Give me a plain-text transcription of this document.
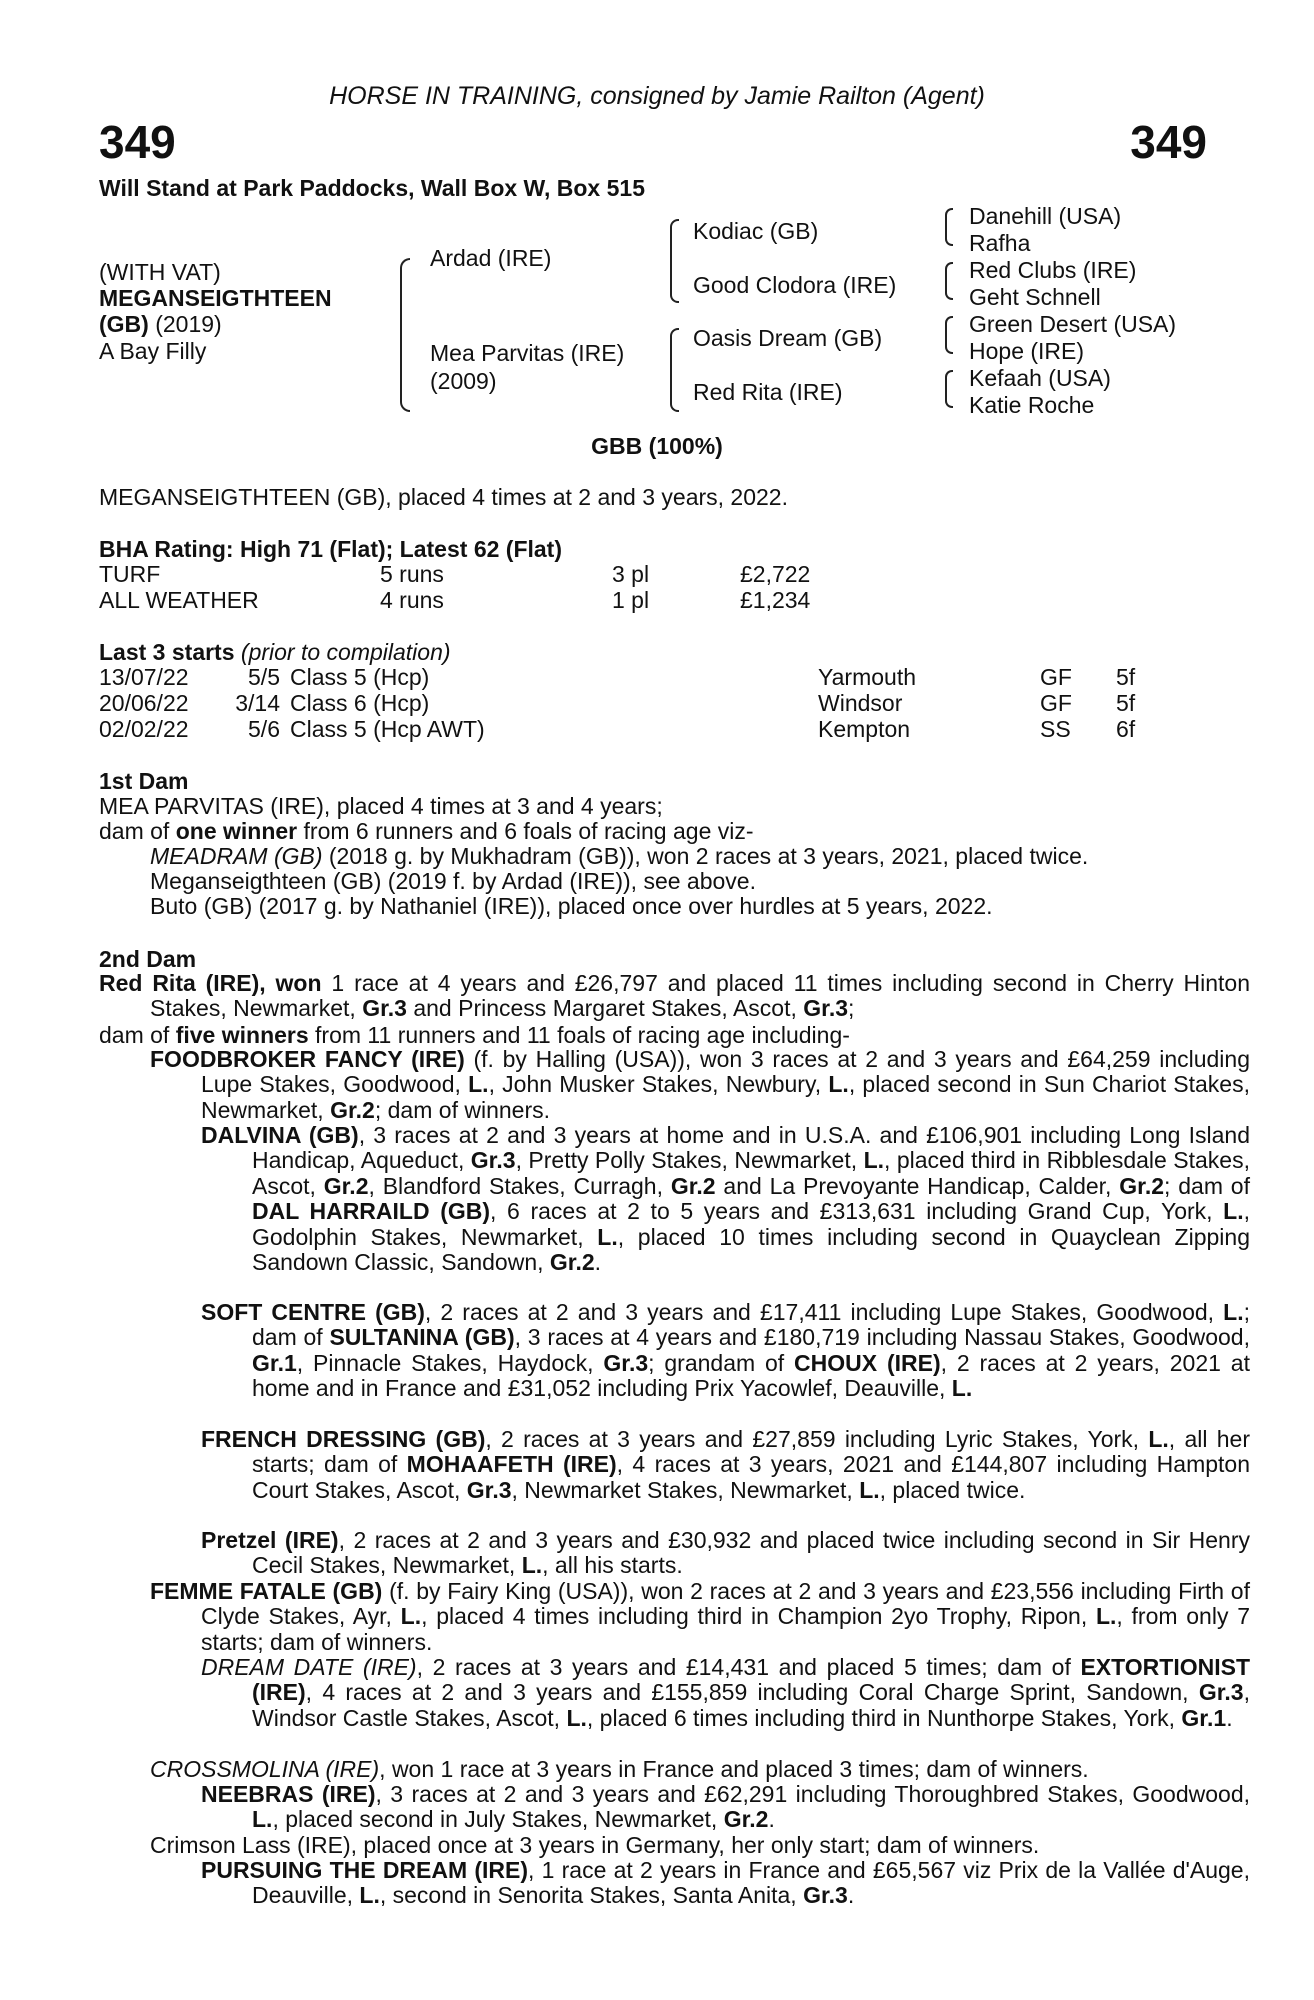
HORSE IN TRAINING, consigned by Jamie Railton (Agent)
349	349
Will Stand at Park Paddocks, Wall Box W, Box 515
(WITH VAT)
MEGANSEIGTHTEEN
(GB) (2019)
A Bay Filly
Ardad (IRE)
Mea Parvitas (IRE)
(2009)
Kodiac (GB)
Good Clodora (IRE)
Oasis Dream (GB)
Red Rita (IRE)
Danehill (USA)
Rafha
Red Clubs (IRE)
Geht Schnell
Green Desert (USA)
Hope (IRE)
Kefaah (USA)
Katie Roche
GBB (100%)
MEGANSEIGTHTEEN (GB), placed 4 times at 2 and 3 years, 2022.
BHA Rating: High 71 (Flat); Latest 62 (Flat)
TURF	5 runs	3 pl	£2,722
ALL WEATHER	4 runs	1 pl	£1,234
Last 3 starts (prior to compilation)
13/07/22	5/5 Class 5 (Hcp)	Yarmouth	GF 5f
20/06/22	3/14 Class 6 (Hcp)	Windsor	GF 5f
02/02/22	5/6 Class 5 (Hcp AWT)	Kempton	SS 6f
1st Dam
MEA PARVITAS (IRE), placed 4 times at 3 and 4 years;
dam of one winner from 6 runners and 6 foals of racing age viz-
MEADRAM (GB) (2018 g. by Mukhadram (GB)), won 2 races at 3 years, 2021, placed twice.
Meganseigthteen (GB) (2019 f. by Ardad (IRE)), see above.
Buto (GB) (2017 g. by Nathaniel (IRE)), placed once over hurdles at 5 years, 2022.
2nd Dam
Red Rita (IRE), won 1 race at 4 years and £26,797 and placed 11 times including second in Cherry Hinton Stakes, Newmarket, Gr.3 and Princess Margaret Stakes, Ascot, Gr.3;
dam of five winners from 11 runners and 11 foals of racing age including-
FOODBROKER FANCY (IRE) (f. by Halling (USA)), won 3 races at 2 and 3 years and £64,259 including Lupe Stakes, Goodwood, L., John Musker Stakes, Newbury, L., placed second in Sun Chariot Stakes, Newmarket, Gr.2; dam of winners.
DALVINA (GB), 3 races at 2 and 3 years at home and in U.S.A. and £106,901 including Long Island Handicap, Aqueduct, Gr.3, Pretty Polly Stakes, Newmarket, L., placed third in Ribblesdale Stakes, Ascot, Gr.2, Blandford Stakes, Curragh, Gr.2 and La Prevoyante Handicap, Calder, Gr.2; dam of DAL HARRAILD (GB), 6 races at 2 to 5 years and £313,631 including Grand Cup, York, L., Godolphin Stakes, Newmarket, L., placed 10 times including second in Quayclean Zipping Sandown Classic, Sandown, Gr.2.
SOFT CENTRE (GB), 2 races at 2 and 3 years and £17,411 including Lupe Stakes, Goodwood, L.; dam of SULTANINA (GB), 3 races at 4 years and £180,719 including Nassau Stakes, Goodwood, Gr.1, Pinnacle Stakes, Haydock, Gr.3; grandam of CHOUX (IRE), 2 races at 2 years, 2021 at home and in France and £31,052 including Prix Yacowlef, Deauville, L.
FRENCH DRESSING (GB), 2 races at 3 years and £27,859 including Lyric Stakes, York, L., all her starts; dam of MOHAAFETH (IRE), 4 races at 3 years, 2021 and £144,807 including Hampton Court Stakes, Ascot, Gr.3, Newmarket Stakes, Newmarket, L., placed twice.
Pretzel (IRE), 2 races at 2 and 3 years and £30,932 and placed twice including second in Sir Henry Cecil Stakes, Newmarket, L., all his starts.
FEMME FATALE (GB) (f. by Fairy King (USA)), won 2 races at 2 and 3 years and £23,556 including Firth of Clyde Stakes, Ayr, L., placed 4 times including third in Champion 2yo Trophy, Ripon, L., from only 7 starts; dam of winners.
DREAM DATE (IRE), 2 races at 3 years and £14,431 and placed 5 times; dam of EXTORTIONIST (IRE), 4 races at 2 and 3 years and £155,859 including Coral Charge Sprint, Sandown, Gr.3, Windsor Castle Stakes, Ascot, L., placed 6 times including third in Nunthorpe Stakes, York, Gr.1.
CROSSMOLINA (IRE), won 1 race at 3 years in France and placed 3 times; dam of winners.
NEEBRAS (IRE), 3 races at 2 and 3 years and £62,291 including Thoroughbred Stakes, Goodwood, L., placed second in July Stakes, Newmarket, Gr.2.
Crimson Lass (IRE), placed once at 3 years in Germany, her only start; dam of winners.
PURSUING THE DREAM (IRE), 1 race at 2 years in France and £65,567 viz Prix de la Vallée d'Auge, Deauville, L., second in Senorita Stakes, Santa Anita, Gr.3.
